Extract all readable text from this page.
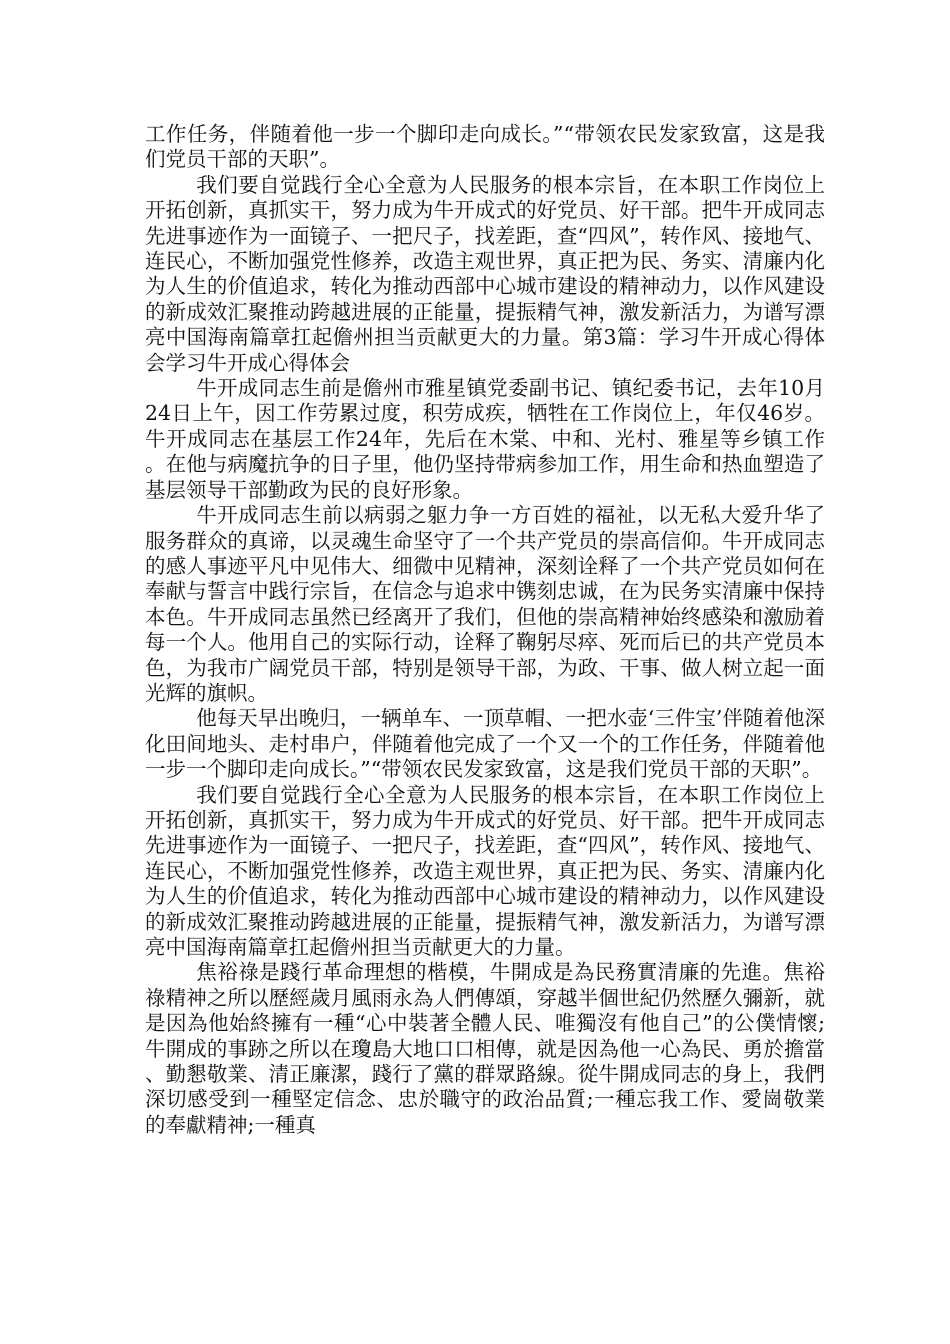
工作任务，伴随着他一步一个脚印走向成长。”“带领农民发家致富，这是我们党员干部的天职”。

我们要自觉践行全心全意为人民服务的根本宗旨，在本职工作岗位上开拓创新，真抓实干，努力成为牛开成式的好党员、好干部。把牛开成同志先进事迹作为一面镜子、一把尺子，找差距，查“四风”，转作风、接地气、连民心，不断加强党性修养，改造主观世界，真正把为民、务实、清廉内化为人生的价值追求，转化为推动西部中心城市建设的精神动力，以作风建设的新成效汇聚推动跨越进展的正能量，提振精气神，激发新活力，为谱写漂亮中国海南篇章扛起儋州担当贡献更大的力量。第3篇：学习牛开成心得体会学习牛开成心得体会

牛开成同志生前是儋州市雅星镇党委副书记、镇纪委书记，去年10月24日上午，因工作劳累过度，积劳成疾，牺牲在工作岗位上，年仅46岁。牛开成同志在基层工作24年，先后在木棠、中和、光村、雅星等乡镇工作。在他与病魔抗争的日子里，他仍坚持带病参加工作，用生命和热血塑造了基层领导干部勤政为民的良好形象。

牛开成同志生前以病弱之躯力争一方百姓的福祉，以无私大爱升华了服务群众的真谛，以灵魂生命坚守了一个共产党员的崇高信仰。牛开成同志的感人事迹平凡中见伟大、细微中见精神，深刻诠释了一个共产党员如何在奉献与誓言中践行宗旨，在信念与追求中镌刻忠诚，在为民务实清廉中保持本色。牛开成同志虽然已经离开了我们，但他的崇高精神始终感染和激励着每一个人。他用自己的实际行动，诠释了鞠躬尽瘁、死而后已的共产党员本色，为我市广阔党员干部，特别是领导干部，为政、干事、做人树立起一面光辉的旗帜。

他每天早出晚归，一辆单车、一顶草帽、一把水壶‘三件宝’伴随着他深化田间地头、走村串户，伴随着他完成了一个又一个的工作任务，伴随着他一步一个脚印走向成长。”“带领农民发家致富，这是我们党员干部的天职”。

我们要自觉践行全心全意为人民服务的根本宗旨，在本职工作岗位上开拓创新，真抓实干，努力成为牛开成式的好党员、好干部。把牛开成同志先进事迹作为一面镜子、一把尺子，找差距，查“四风”，转作风、接地气、连民心，不断加强党性修养，改造主观世界，真正把为民、务实、清廉内化为人生的价值追求，转化为推动西部中心城市建设的精神动力，以作风建设的新成效汇聚推动跨越进展的正能量，提振精气神，激发新活力，为谱写漂亮中国海南篇章扛起儋州担当贡献更大的力量。

焦裕祿是踐行革命理想的楷模，牛開成是為民務實清廉的先進。焦裕祿精神之所以歷經歲月風雨永為人們傳頌，穿越半個世紀仍然歷久彌新，就是因為他始終擁有一種“心中裝著全體人民、唯獨沒有他自己”的公僕情懷;牛開成的事跡之所以在瓊島大地口口相傳，就是因為他一心為民、勇於擔當、勤懇敬業、清正廉潔，踐行了黨的群眾路線。從牛開成同志的身上，我們深切感受到一種堅定信念、忠於職守的政治品質;一種忘我工作、愛崗敬業的奉獻精神;一種真
